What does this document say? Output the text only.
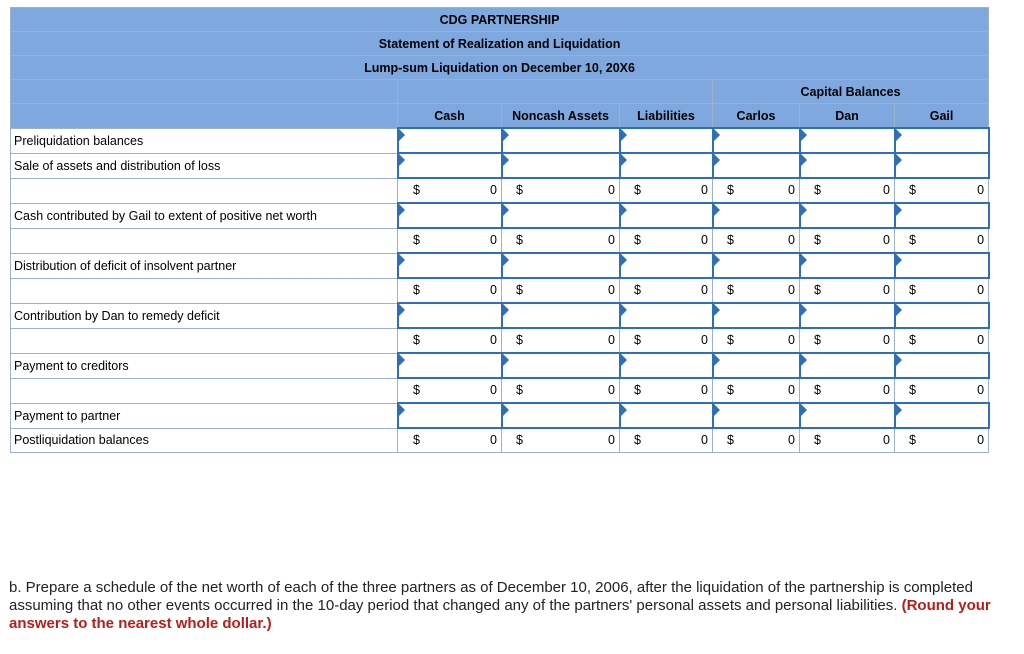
CDG PARTNERSHIP						
Statement of Realization and Liquidation						
Lump-sum Liquidation on December 10, 20X6						
				Capital Balances		
	Cash	Noncash Assets	Liabilities	Carlos	Dan	Gail
Preliquidation balances	

Sale of assets and distribution of loss	

	$ 0	$ 0	$ 0	$ 0	$ 0	$ 0

Cash contributed by Gail to extent of positive net worth	

	$ 0	$ 0	$ 0	$ 0	$ 0	$ 0

Distribution of deficit of insolvent partner	

	$ 0	$ 0	$ 0	$ 0	$ 0	$ 0

Contribution by Dan to remedy deficit	

	$ 0	$ 0	$ 0	$ 0	$ 0	$ 0

Payment to creditors	

	$ 0	$ 0	$ 0	$ 0	$ 0	$ 0

Payment to partner	

Postliquidation balances	$ 0	$ 0	$ 0	$ 0	$ 0	$ 0
b. Prepare a schedule of the net worth of each of the three partners as of December 10, 2006, after the liquidation of the partnership is completed assuming that no other events occurred in the 10-day period that changed any of the partners' personal assets and personal liabilities. (Round your answers to the nearest whole dollar.)
